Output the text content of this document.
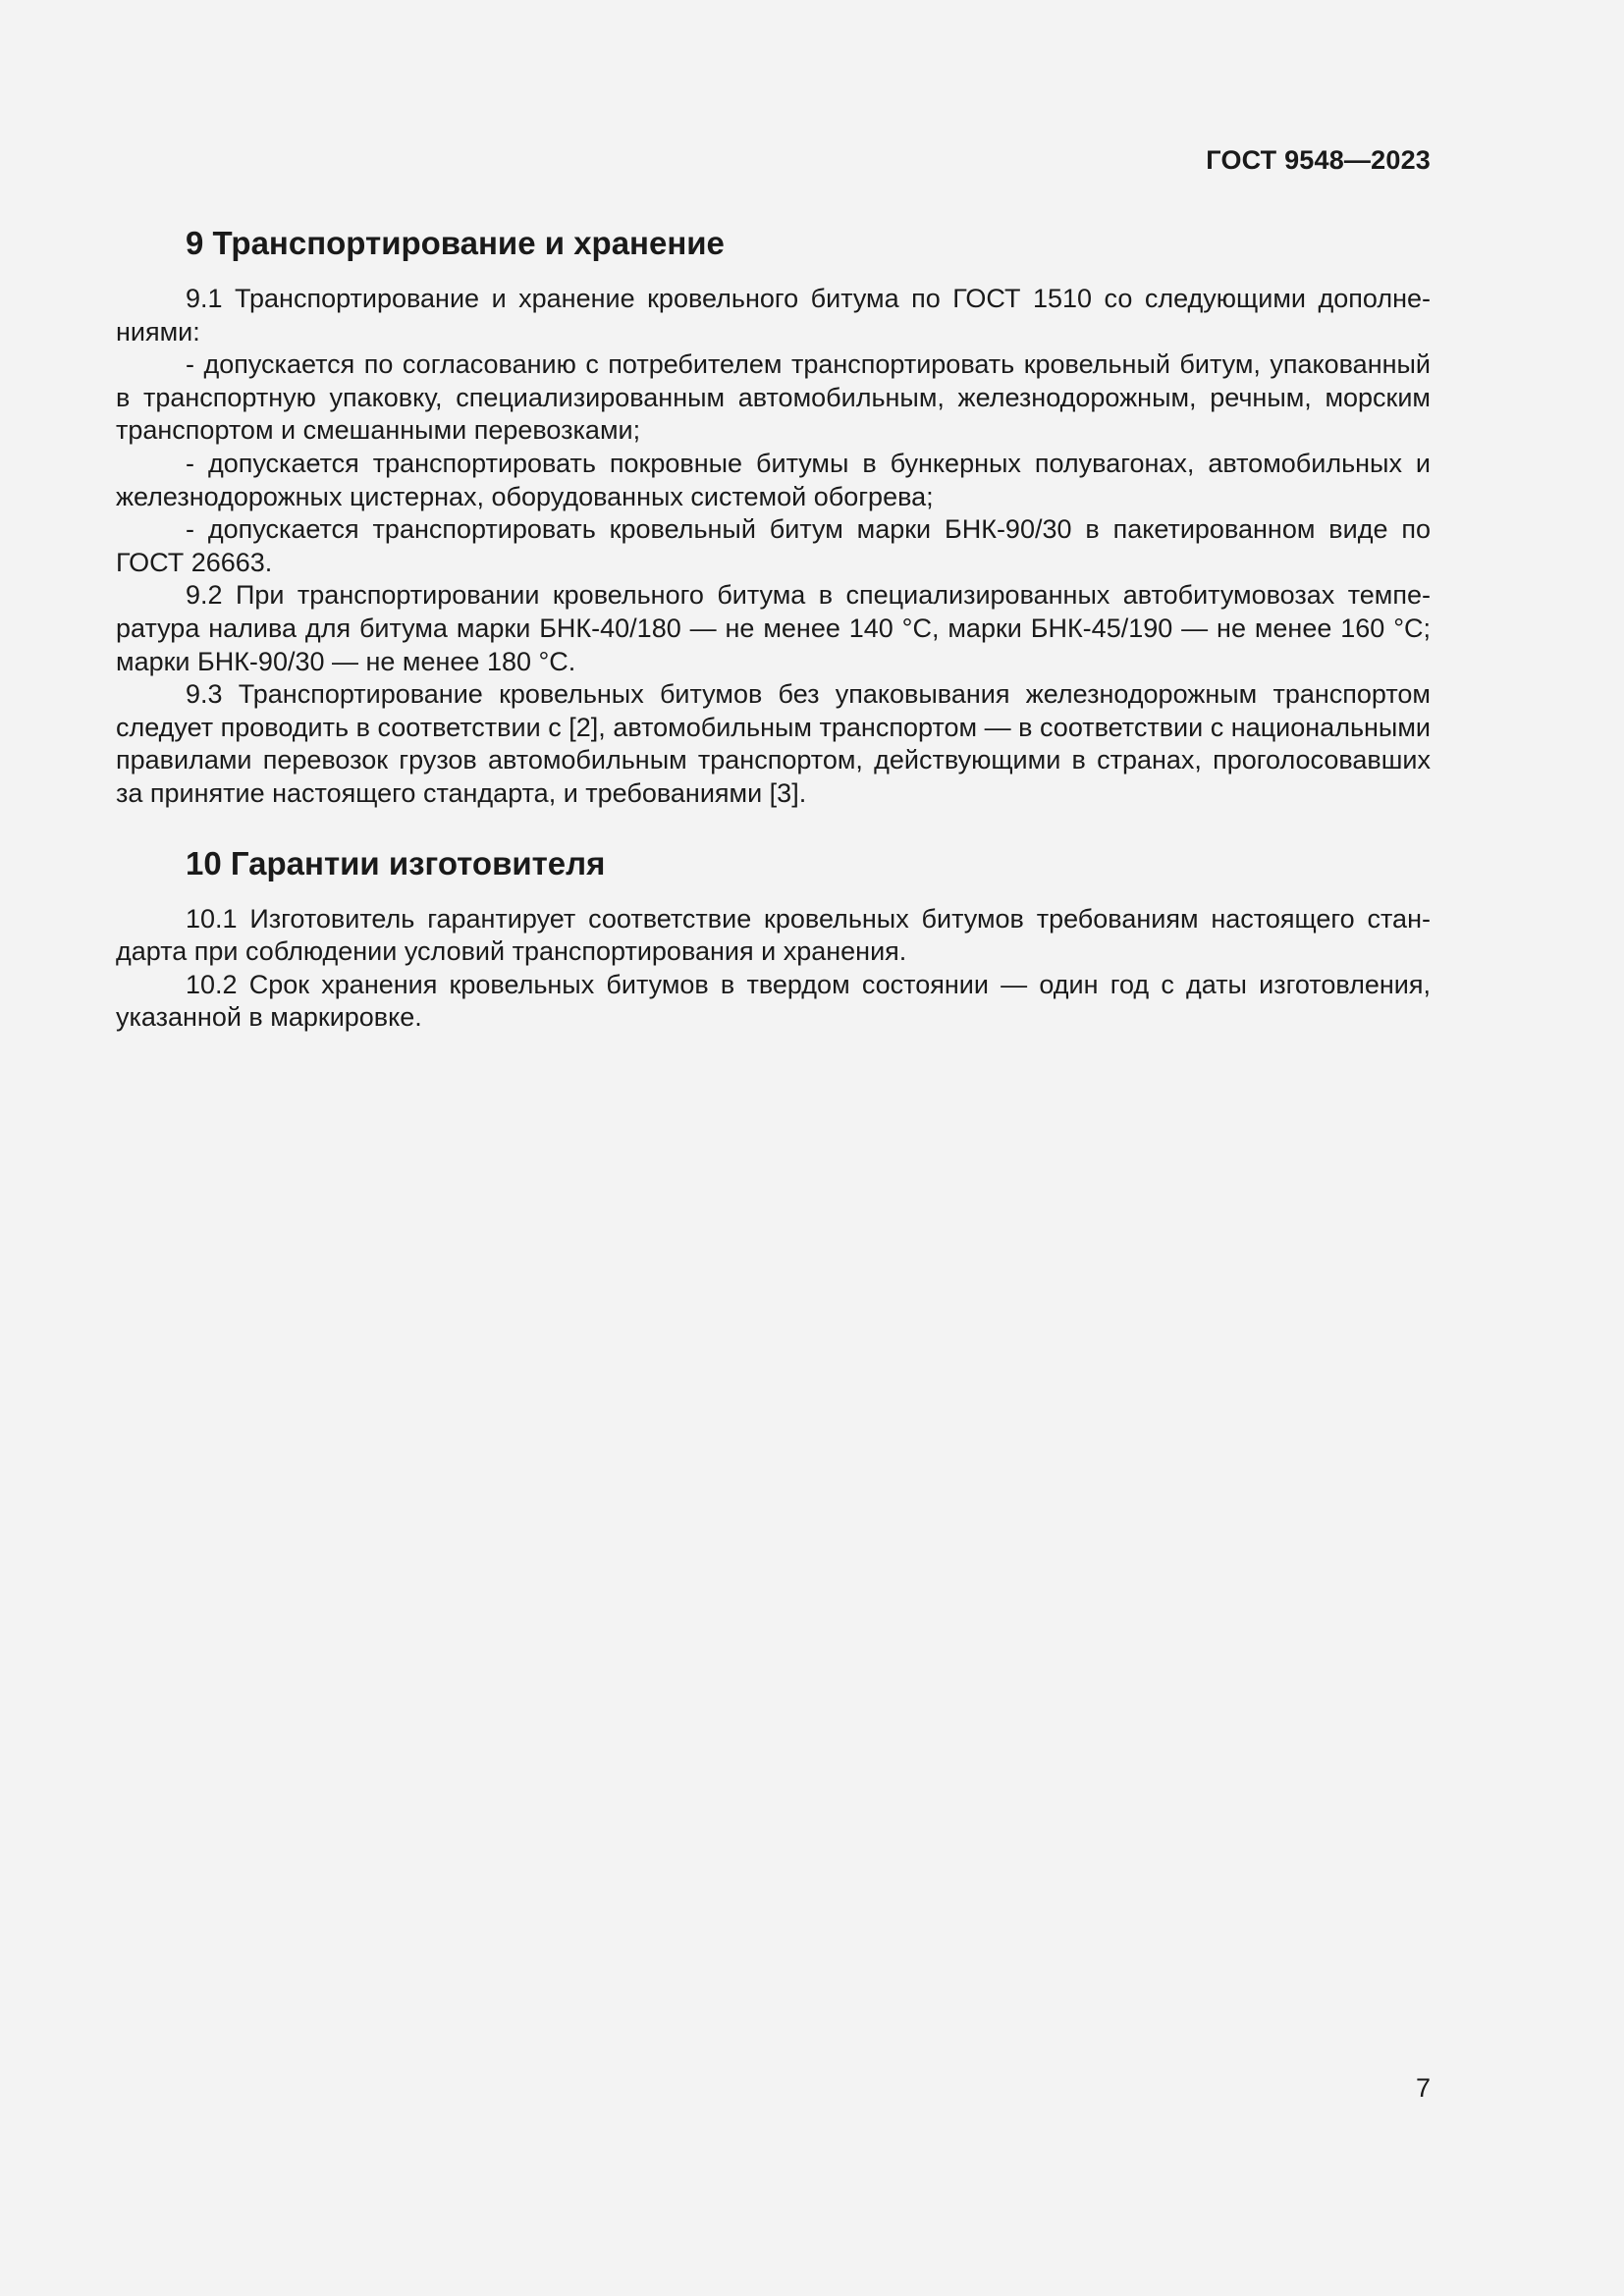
ГОСТ 9548—2023
9 Транспортирование и хранение

9.1 Транспортирование и хранение кровельного битума по ГОСТ 1510 со следующими дополнениями:

- допускается по согласованию с потребителем транспортировать кровельный битум, упакованный в транспортную упаковку, специализированным автомобильным, железнодорожным, речным, морским транспортом и смешанными перевозками;

- допускается транспортировать покровные битумы в бункерных полувагонах, автомобильных и железнодорожных цистернах, оборудованных системой обогрева;

- допускается транспортировать кровельный битум марки БНК-90/30 в пакетированном виде по ГОСТ 26663.

9.2 При транспортировании кровельного битума в специализированных автобитумовозах температура налива для битума марки БНК-40/180 — не менее 140 °С, марки БНК-45/190 — не менее 160 °С; марки БНК-90/30 — не менее 180 °С.

9.3 Транспортирование кровельных битумов без упаковывания железнодорожным транспортом следует проводить в соответствии с [2], автомобильным транспортом — в соответствии с национальными правилами перевозок грузов автомобильным транспортом, действующими в странах, проголосовавших за принятие настоящего стандарта, и требованиями [3].

10 Гарантии изготовителя

10.1 Изготовитель гарантирует соответствие кровельных битумов требованиям настоящего стандарта при соблюдении условий транспортирования и хранения.

10.2 Срок хранения кровельных битумов в твердом состоянии — один год с даты изготовления, указанной в маркировке.

7
